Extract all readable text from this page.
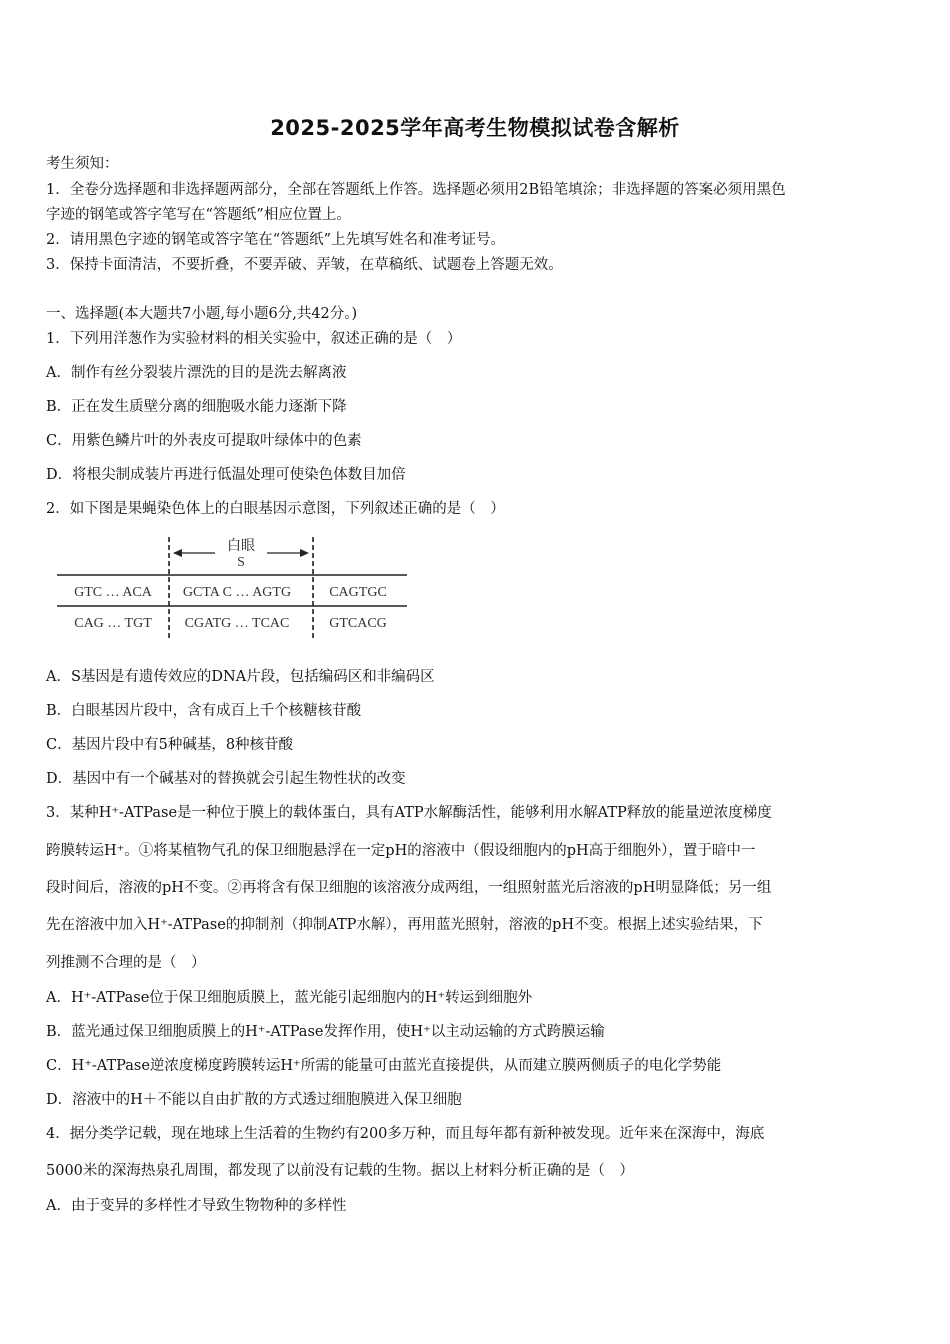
2025-2025学年高考生物模拟试卷含解析
考生须知：
1．全卷分选择题和非选择题两部分，全部在答题纸上作答。选择题必须用2B铅笔填涂；非选择题的答案必须用黑色
字迹的钢笔或答字笔写在“答题纸”相应位置上。
2．请用黑色字迹的钢笔或答字笔在“答题纸”上先填写姓名和准考证号。
3．保持卡面清洁，不要折叠，不要弄破、弄皱，在草稿纸、试题卷上答题无效。
一、选择题(本大题共7小题,每小题6分,共42分。)
1．下列用洋葱作为实验材料的相关实验中，叙述正确的是（　）
A．制作有丝分裂装片漂洗的目的是洗去解离液
B．正在发生质壁分离的细胞吸水能力逐渐下降
C．用紫色鳞片叶的外表皮可提取叶绿体中的色素
D．将根尖制成装片再进行低温处理可使染色体数目加倍
2．如下图是果蝇染色体上的白眼基因示意图，下列叙述正确的是（　）
白眼
S
GTC … ACA GCTA C … AGTG	CAGTGC
CAG … TGT CGATG … TCAC	GTCACG
A．S基因是有遗传效应的DNA片段，包括编码区和非编码区
B．白眼基因片段中，含有成百上千个核糖核苷酸
C．基因片段中有5种碱基，8种核苷酸
D．基因中有一个碱基对的替换就会引起生物性状的改变
3．某种H⁺-ATPase是一种位于膜上的载体蛋白，具有ATP水解酶活性，能够利用水解ATP释放的能量逆浓度梯度
跨膜转运H⁺。①将某植物气孔的保卫细胞悬浮在一定pH的溶液中（假设细胞内的pH高于细胞外），置于暗中一
段时间后，溶液的pH不变。②再将含有保卫细胞的该溶液分成两组，一组照射蓝光后溶液的pH明显降低；另一组
先在溶液中加入H⁺-ATPase的抑制剂（抑制ATP水解），再用蓝光照射，溶液的pH不变。根据上述实验结果，下
列推测不合理的是（　）
A．H⁺-ATPase位于保卫细胞质膜上，蓝光能引起细胞内的H⁺转运到细胞外
B．蓝光通过保卫细胞质膜上的H⁺-ATPase发挥作用，使H⁺以主动运输的方式跨膜运输
C．H⁺-ATPase逆浓度梯度跨膜转运H⁺所需的能量可由蓝光直接提供，从而建立膜两侧质子的电化学势能
D．溶液中的H＋不能以自由扩散的方式透过细胞膜进入保卫细胞
4．据分类学记载，现在地球上生活着的生物约有200多万种，而且每年都有新种被发现。近年来在深海中，海底
5000米的深海热泉孔周围，都发现了以前没有记载的生物。据以上材料分析正确的是（　）
A．由于变异的多样性才导致生物物种的多样性
